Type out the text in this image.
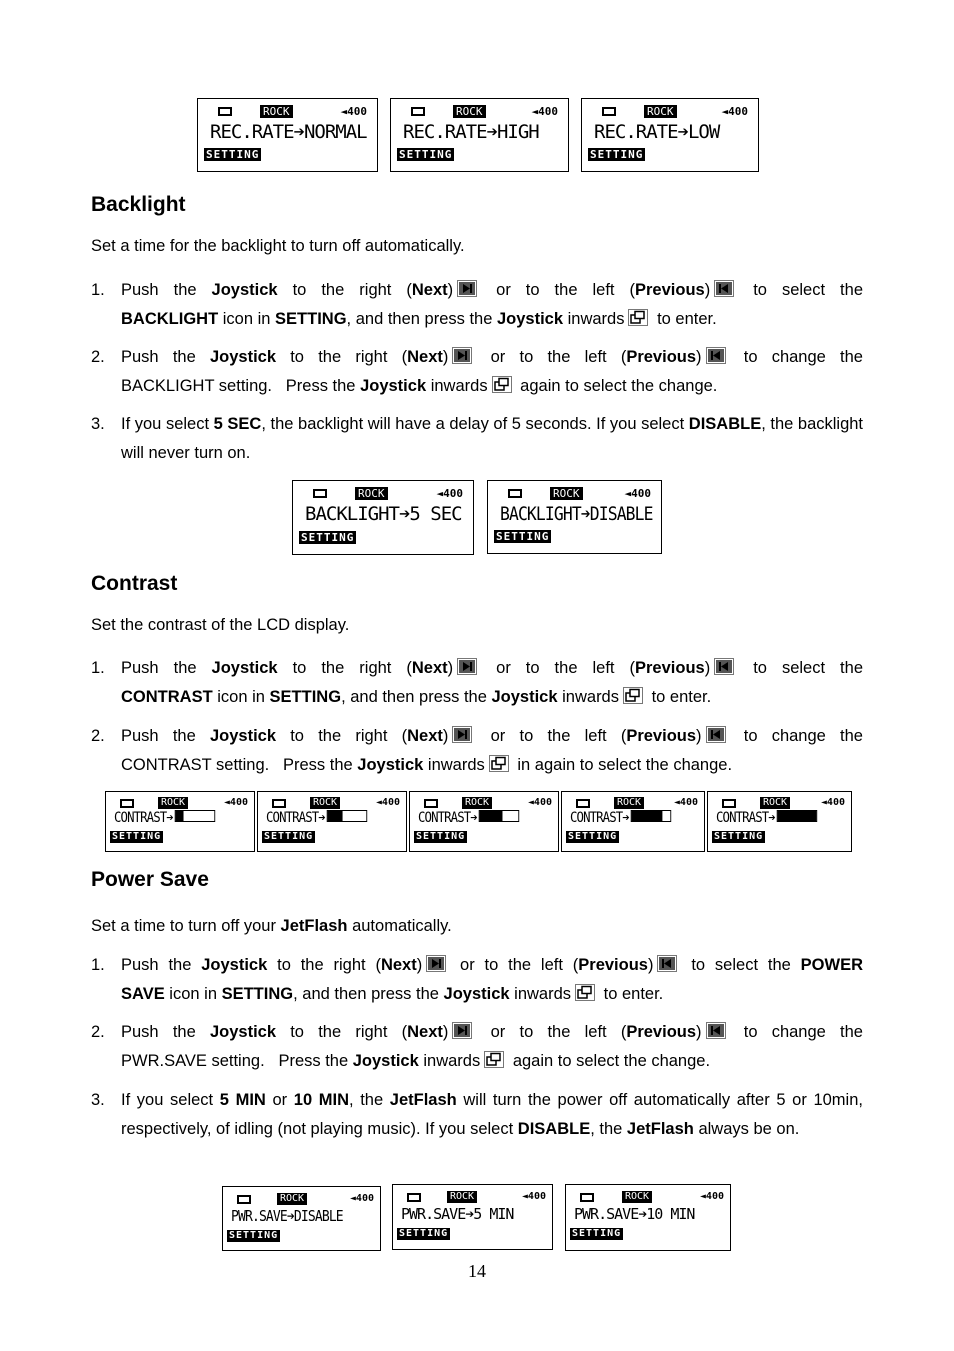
ROCK	◄400
REC.RATE➔NORMAL
SETTING
ROCK	◄400
REC.RATE➔HIGH
SETTING
ROCK	◄400
REC.RATE➔LOW
SETTING
Backlight

Set a time for the backlight to turn off automatically.

1. Push the Joystick to the right (Next) or to the left (Previous) to select the
BACKLIGHT icon in SETTING, and then press the Joystick inwards to enter.
2. Push the Joystick to the right (Next) or to the left (Previous) to change the
BACKLIGHT setting. Press the Joystick inwards again to select the change.
3. If you select 5 SEC, the backlight will have a delay of 5 seconds. If you select DISABLE, the backlight will never turn on.
ROCK	◄400
BACKLIGHT➔5 SEC
SETTING
ROCK	◄400
BACKLIGHT➔DISABLE
SETTING
Contrast

Set the contrast of the LCD display.

1. Push the Joystick to the right (Next) or to the left (Previous) to select the
CONTRAST icon in SETTING, and then press the Joystick inwards to enter.
2. Push the Joystick to the right (Next) or to the left (Previous) to change the
CONTRAST setting. Press the Joystick inwards in again to select the change.
ROCK	◄400
CONTRAST➔
SETTING
ROCK	◄400
CONTRAST➔
SETTING
ROCK	◄400
CONTRAST➔
SETTING
ROCK	◄400
CONTRAST➔
SETTING
ROCK	◄400
CONTRAST➔
SETTING
Power Save

Set a time to turn off your JetFlash automatically.

1. Push the Joystick to the right (Next) or to the left (Previous) to select the POWER
SAVE icon in SETTING, and then press the Joystick inwards to enter.
2. Push the Joystick to the right (Next) or to the left (Previous) to change the
PWR.SAVE setting. Press the Joystick inwards again to select the change.
3. If you select 5 MIN or 10 MIN, the JetFlash will turn the power off automatically after 5 or 10min, respectively, of idling (not playing music). If you select DISABLE, the JetFlash always be on.
ROCK	◄400
PWR.SAVE➔DISABLE
SETTING
ROCK	◄400
PWR.SAVE➔5 MIN
SETTING
ROCK	◄400
PWR.SAVE➔10 MIN
SETTING
14
